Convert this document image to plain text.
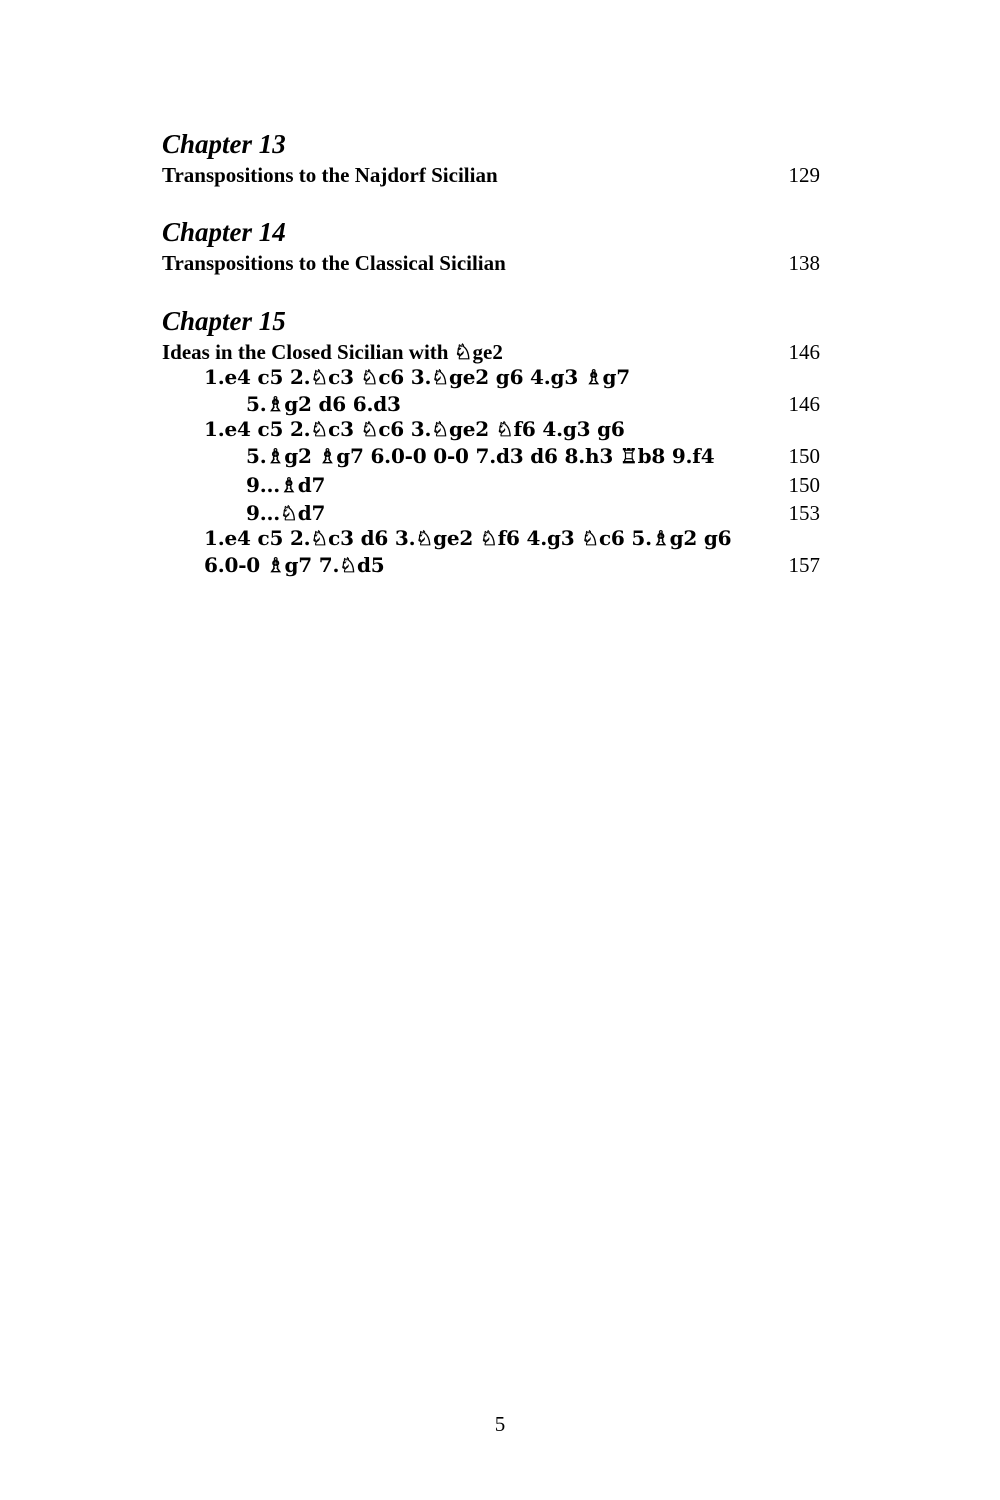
Chapter 13
Transpositions to the Najdorf Sicilian	129
Chapter 14
Transpositions to the Classical Sicilian	138
Chapter 15
Ideas in the Closed Sicilian with ♘ge2	146
1.e4 c5 2.♘c3 ♘c6 3.♘ge2 g6 4.g3 ♗g7
5.♗g2 d6 6.d3	146
1.e4 c5 2.♘c3 ♘c6 3.♘ge2 ♘f6 4.g3 g6
5.♗g2 ♗g7 6.0-0 0-0 7.d3 d6 8.h3 ♖b8 9.f4	150
9...♗d7	150
9...♘d7	153
1.e4 c5 2.♘c3 d6 3.♘ge2 ♘f6 4.g3 ♘c6 5.♗g2 g6
6.0-0 ♗g7 7.♘d5	157
5
